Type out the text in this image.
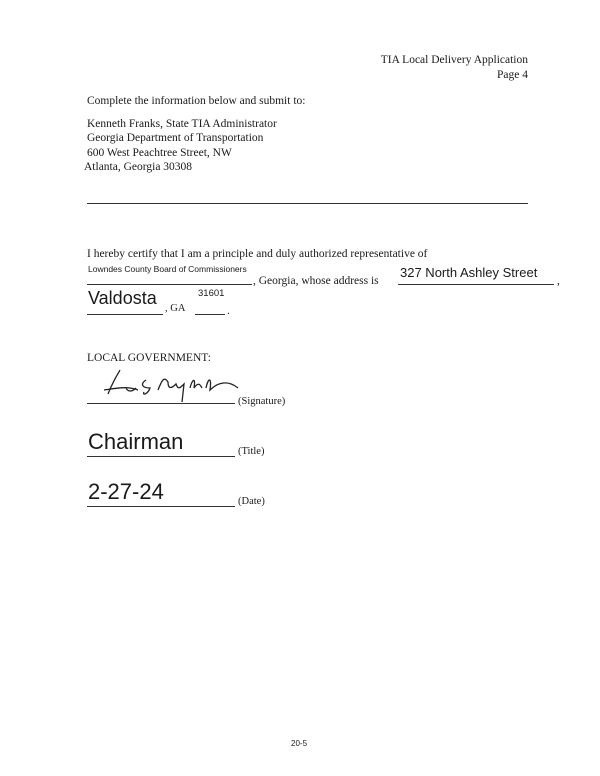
TIA Local Delivery Application
Page 4
Complete the information below and submit to:
Kenneth Franks, State TIA Administrator
Georgia Department of Transportation
600 West Peachtree Street, NW
Atlanta, Georgia 30308
I hereby certify that I am a principle and duly authorized representative of
Lowndes County Board of Commissioners
, Georgia, whose address is
327 North Ashley Street
,
Valdosta
, GA
31601
.
LOCAL GOVERNMENT:
(Signature)
Chairman	(Title)
2-27-24	(Date)
20-5
